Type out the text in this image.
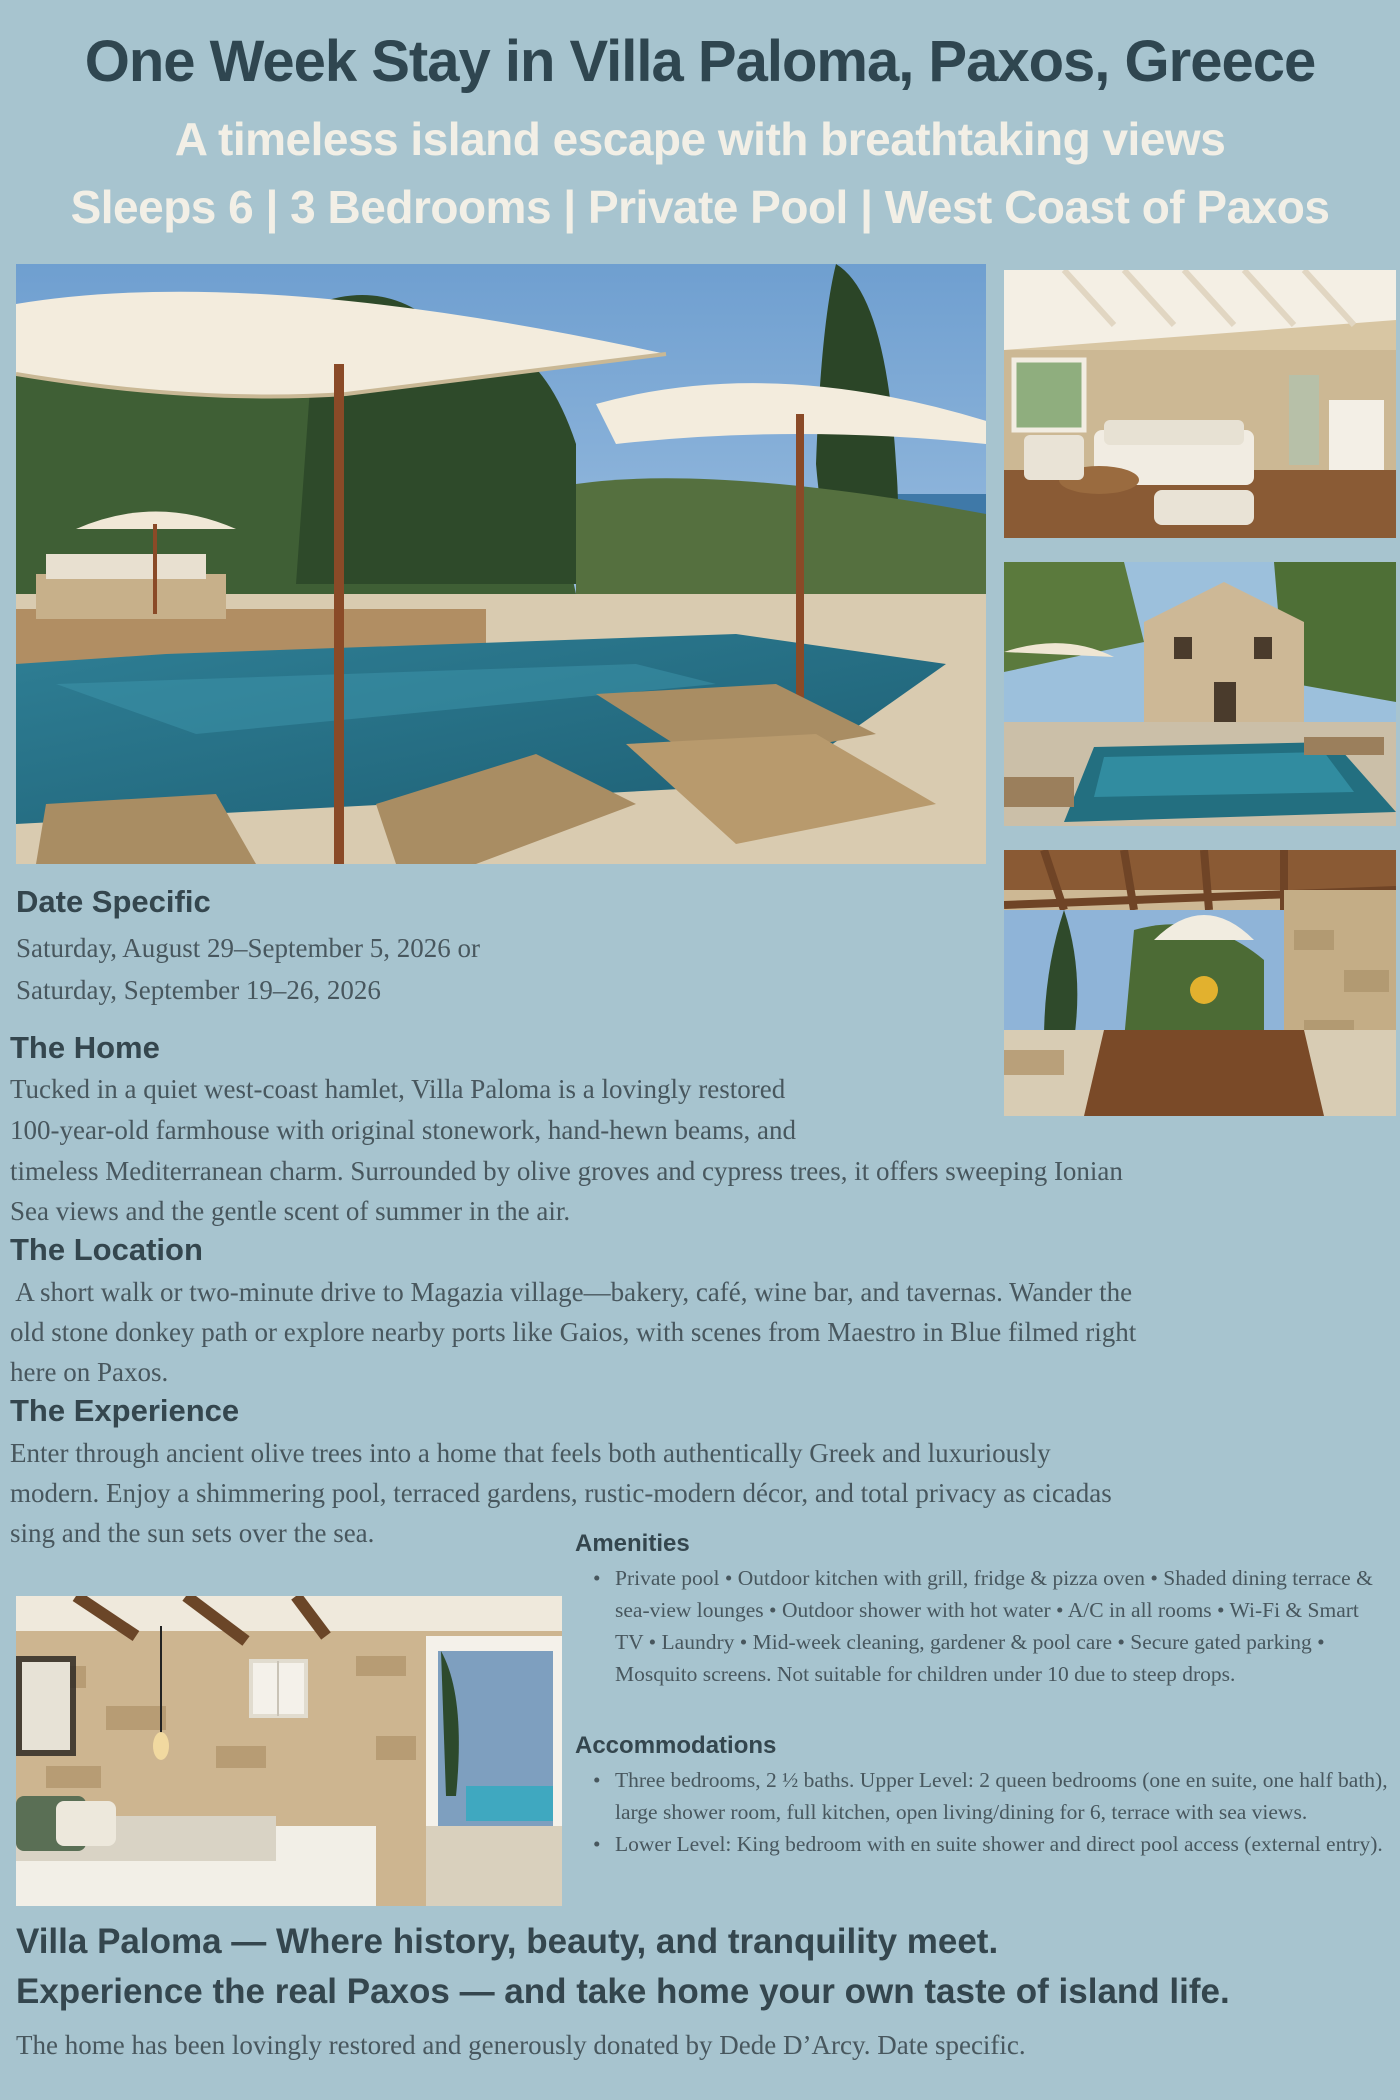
One Week Stay in Villa Paloma, Paxos, Greece
A timeless island escape with breathtaking views
Sleeps 6 | 3 Bedrooms | Private Pool | West Coast of Paxos
Date Specific
Saturday, August 29–September 5, 2026 or
Saturday, September 19–26, 2026
The Home
Tucked in a quiet west-coast hamlet, Villa Paloma is a lovingly restored
100-year-old farmhouse with original stonework, hand-hewn beams, and
timeless Mediterranean charm. Surrounded by olive groves and cypress trees, it offers sweeping Ionian
Sea views and the gentle scent of summer in the air.
The Location
A short walk or two-minute drive to Magazia village—bakery, café, wine bar, and tavernas. Wander the
old stone donkey path or explore nearby ports like Gaios, with scenes from Maestro in Blue filmed right
here on Paxos.
The Experience
Enter through ancient olive trees into a home that feels both authentically Greek and luxuriously
modern. Enjoy a shimmering pool, terraced gardens, rustic-modern décor, and total privacy as cicadas
sing and the sun sets over the sea.	Amenities
• Private pool • Outdoor kitchen with grill, fridge & pizza oven • Shaded dining terrace & sea-view lounges • Outdoor shower with hot water • A/C in all rooms • Wi-Fi & Smart TV • Laundry • Mid-week cleaning, gardener & pool care • Secure gated parking • Mosquito screens. Not suitable for children under 10 due to steep drops.
Accommodations
• Three bedrooms, 2 ½ baths. Upper Level: 2 queen bedrooms (one en suite, one half bath), large shower room, full kitchen, open living/dining for 6, terrace with sea views.
• Lower Level: King bedroom with en suite shower and direct pool access (external entry).
Villa Paloma — Where history, beauty, and tranquility meet.
Experience the real Paxos — and take home your own taste of island life.
The home has been lovingly restored and generously donated by Dede D’Arcy. Date specific.
